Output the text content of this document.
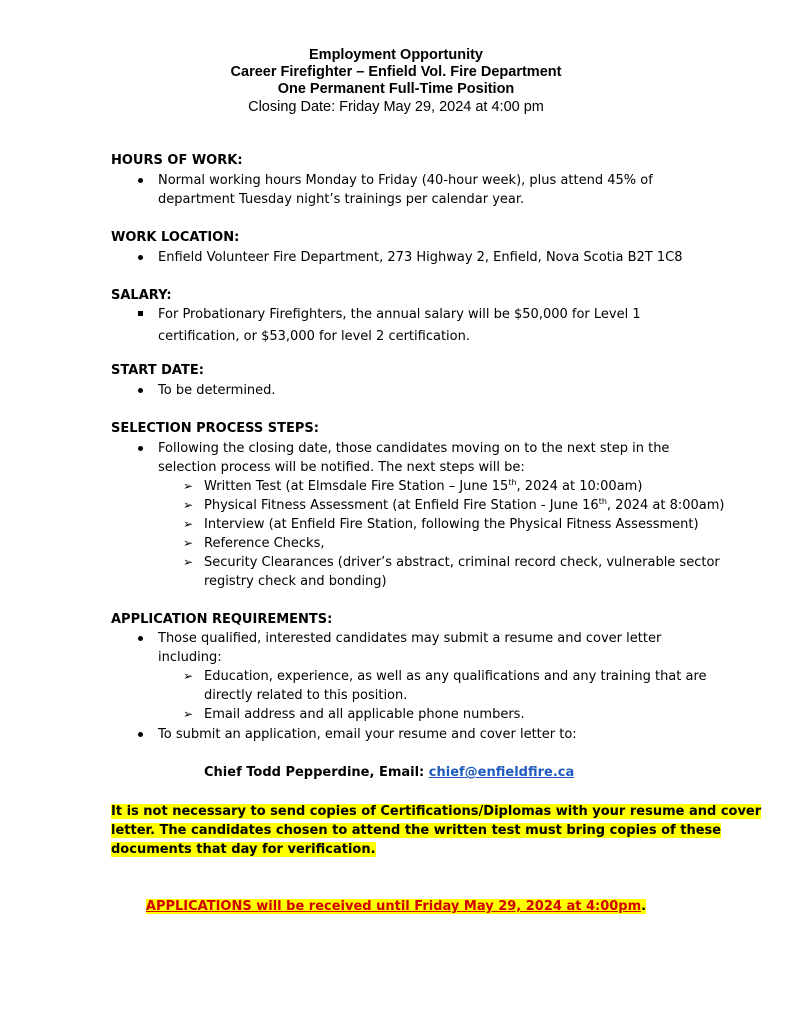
Employment Opportunity
Career Firefighter – Enfield Vol. Fire Department
One Permanent Full-Time Position
Closing Date: Friday May 29, 2024 at 4:00 pm
HOURS OF WORK:
Normal working hours Monday to Friday (40-hour week), plus attend 45% of
department Tuesday night’s trainings per calendar year.
WORK LOCATION:
Enfield Volunteer Fire Department, 273 Highway 2, Enfield, Nova Scotia B2T 1C8
SALARY:
For Probationary Firefighters, the annual salary will be $50,000 for Level 1
certification, or $53,000 for level 2 certification.
START DATE:
To be determined.
SELECTION PROCESS STEPS:
Following the closing date, those candidates moving on to the next step in the
selection process will be notified. The next steps will be:
➢ Written Test (at Elmsdale Fire Station – June 15th, 2024 at 10:00am)
➢ Physical Fitness Assessment (at Enfield Fire Station - June 16th, 2024 at 8:00am)
➢ Interview (at Enfield Fire Station, following the Physical Fitness Assessment)
➢ Reference Checks,
➢ Security Clearances (driver’s abstract, criminal record check, vulnerable sector
registry check and bonding)
APPLICATION REQUIREMENTS:
Those qualified, interested candidates may submit a resume and cover letter
including:
➢ Education, experience, as well as any qualifications and any training that are
directly related to this position.
➢ Email address and all applicable phone numbers.
To submit an application, email your resume and cover letter to:
Chief Todd Pepperdine, Email: chief@enfieldfire.ca
It is not necessary to send copies of Certifications/Diplomas with your resume and cover
letter. The candidates chosen to attend the written test must bring copies of these
documents that day for verification.
APPLICATIONS will be received until Friday May 29, 2024 at 4:00pm.
